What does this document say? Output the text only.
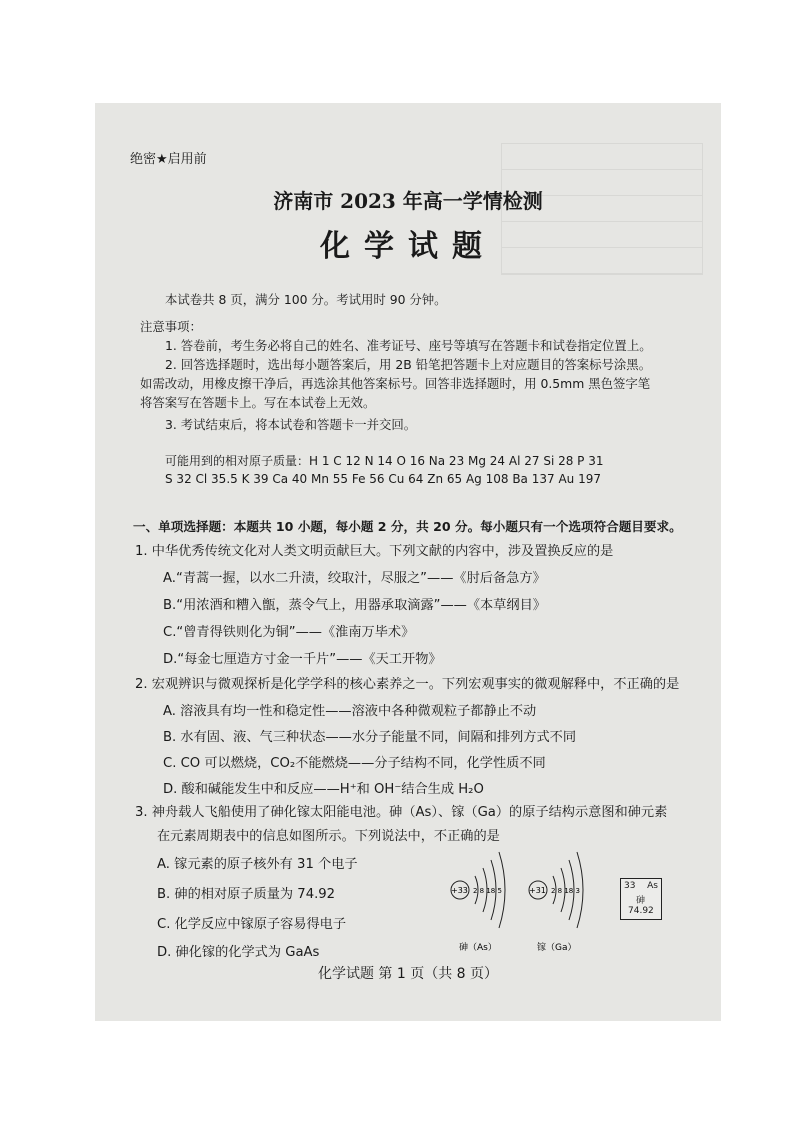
绝密★启用前
济南市 2023 年高一学情检测
化学试题
本试卷共 8 页，满分 100 分。考试用时 90 分钟。
注意事项：
1. 答卷前，考生务必将自己的姓名、准考证号、座号等填写在答题卡和试卷指定位置上。
2. 回答选择题时，选出每小题答案后，用 2B 铅笔把答题卡上对应题目的答案标号涂黑。
如需改动，用橡皮擦干净后，再选涂其他答案标号。回答非选择题时，用 0.5mm 黑色签字笔
将答案写在答题卡上。写在本试卷上无效。
3. 考试结束后，将本试卷和答题卡一并交回。
可能用到的相对原子质量：H 1 C 12 N 14 O 16 Na 23 Mg 24 Al 27 Si 28 P 31
S 32 Cl 35.5 K 39 Ca 40 Mn 55 Fe 56 Cu 64 Zn 65 Ag 108 Ba 137 Au 197
一、单项选择题：本题共 10 小题，每小题 2 分，共 20 分。每小题只有一个选项符合题目要求。
1. 中华优秀传统文化对人类文明贡献巨大。下列文献的内容中，涉及置换反应的是
A.“青蒿一握，以水二升渍，绞取汁，尽服之”——《肘后备急方》
B.“用浓酒和糟入甑，蒸令气上，用器承取滴露”——《本草纲目》
C.“曾青得铁则化为铜”——《淮南万毕术》
D.“每金七厘造方寸金一千片”——《天工开物》
2. 宏观辨识与微观探析是化学学科的核心素养之一。下列宏观事实的微观解释中，不正确的是
A. 溶液具有均一性和稳定性——溶液中各种微观粒子都静止不动
B. 水有固、液、气三种状态——水分子能量不同，间隔和排列方式不同
C. CO 可以燃烧，CO₂不能燃烧——分子结构不同，化学性质不同
D. 酸和碱能发生中和反应——H⁺和 OH⁻结合生成 H₂O
3. 神舟载人飞船使用了砷化镓太阳能电池。砷（As）、镓（Ga）的原子结构示意图和砷元素
在元素周期表中的信息如图所示。下列说法中，不正确的是
A. 镓元素的原子核外有 31 个电子
B. 砷的相对原子质量为 74.92
C. 化学反应中镓原子容易得电子
D. 砷化镓的化学式为 GaAs
+33 2 8 18 5
砷（As）
+31 2 8 18 3
镓（Ga）
33 As
砷
74.92
化学试题 第 1 页（共 8 页）
